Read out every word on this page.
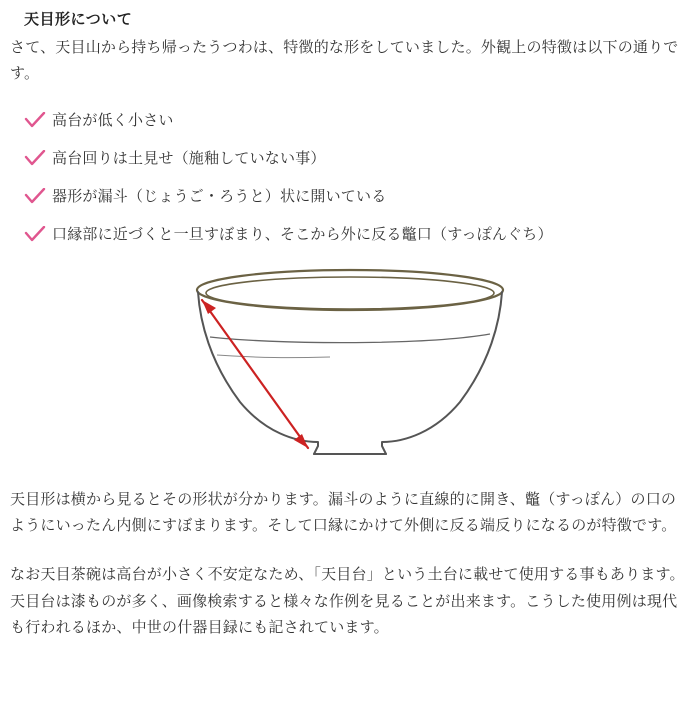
天目形について

さて、天目山から持ち帰ったうつわは、特徴的な形をしていました。外観上の特徴は以下の通りです。

高台が低く小さい
高台回りは土見せ（施釉していない事）
器形が漏斗（じょうご・ろうと）状に開いている
口縁部に近づくと一旦すぼまり、そこから外に反る鼈口（すっぽんぐち）

天目形は横から見るとその形状が分かります。漏斗のように直線的に開き、鼈（すっぽん）の口のようにいったん内側にすぼまります。そして口縁にかけて外側に反る端反りになるのが特徴です。

なお天目茶碗は高台が小さく不安定なため、「天目台」という土台に載せて使用する事もあります。天目台は漆ものが多く、画像検索すると様々な作例を見ることが出来ます。こうした使用例は現代も行われるほか、中世の什器目録にも記されています。
